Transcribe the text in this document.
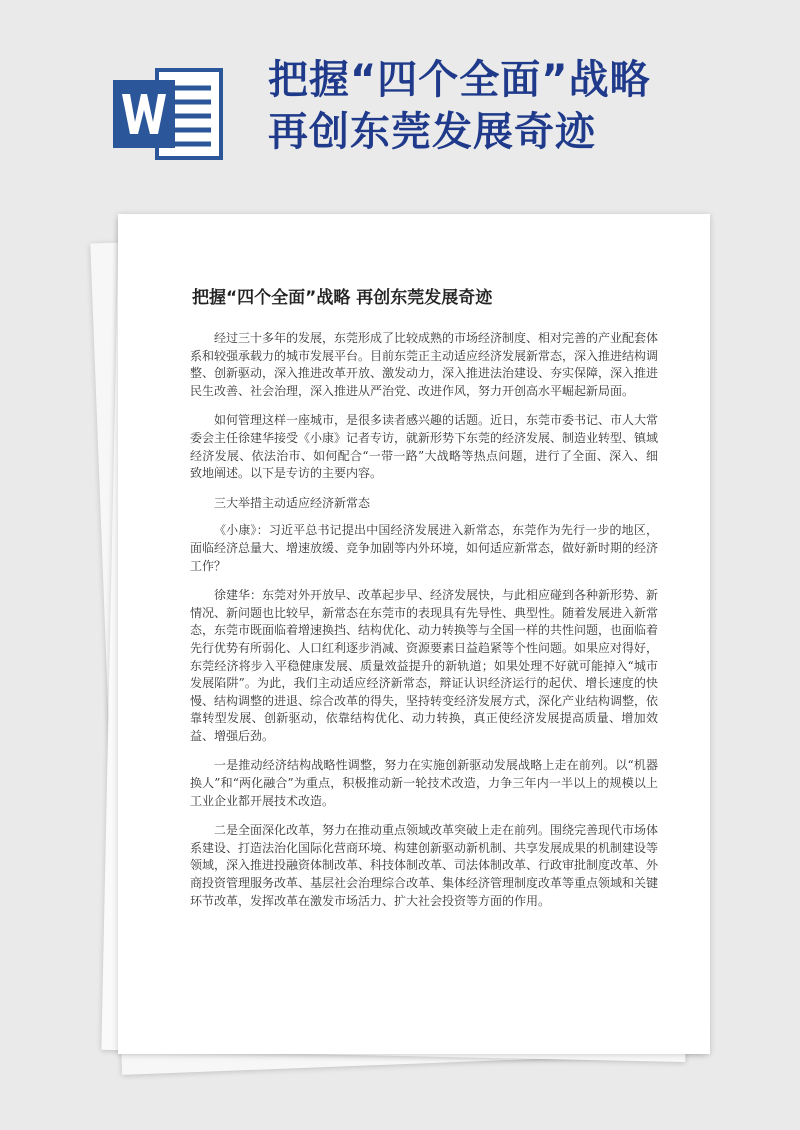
把握“四个全面”战略
再创东莞发展奇迹
把握“四个全面”战略 再创东莞发展奇迹

经过三十多年的发展，东莞形成了比较成熟的市场经济制度、相对完善的产业配套体系和较强承载力的城市发展平台。目前东莞正主动适应经济发展新常态，深入推进结构调整、创新驱动，深入推进改革开放、激发动力，深入推进法治建设、夯实保障，深入推进民生改善、社会治理，深入推进从严治党、改进作风，努力开创高水平崛起新局面。

如何管理这样一座城市，是很多读者感兴趣的话题。近日，东莞市委书记、市人大常委会主任徐建华接受《小康》记者专访，就新形势下东莞的经济发展、制造业转型、镇域经济发展、依法治市、如何配合“一带一路”大战略等热点问题，进行了全面、深入、细致地阐述。以下是专访的主要内容。

三大举措主动适应经济新常态

《小康》：习近平总书记提出中国经济发展进入新常态，东莞作为先行一步的地区，面临经济总量大、增速放缓、竞争加剧等内外环境，如何适应新常态，做好新时期的经济工作？

徐建华：东莞对外开放早、改革起步早、经济发展快，与此相应碰到各种新形势、新情况、新问题也比较早，新常态在东莞市的表现具有先导性、典型性。随着发展进入新常态，东莞市既面临着增速换挡、结构优化、动力转换等与全国一样的共性问题，也面临着先行优势有所弱化、人口红利逐步消减、资源要素日益趋紧等个性问题。如果应对得好，东莞经济将步入平稳健康发展、质量效益提升的新轨道；如果处理不好就可能掉入“城市发展陷阱”。为此，我们主动适应经济新常态，辩证认识经济运行的起伏、增长速度的快慢、结构调整的进退、综合改革的得失，坚持转变经济发展方式，深化产业结构调整，依靠转型发展、创新驱动，依靠结构优化、动力转换，真正使经济发展提高质量、增加效益、增强后劲。

一是推动经济结构战略性调整，努力在实施创新驱动发展战略上走在前列。以“机器换人”和“两化融合”为重点，积极推动新一轮技术改造，力争三年内一半以上的规模以上工业企业都开展技术改造。

二是全面深化改革，努力在推动重点领域改革突破上走在前列。围绕完善现代市场体系建设、打造法治化国际化营商环境、构建创新驱动新机制、共享发展成果的机制建设等领域，深入推进投融资体制改革、科技体制改革、司法体制改革、行政审批制度改革、外商投资管理服务改革、基层社会治理综合改革、集体经济管理制度改革等重点领域和关键环节改革，发挥改革在激发市场活力、扩大社会投资等方面的作用。
